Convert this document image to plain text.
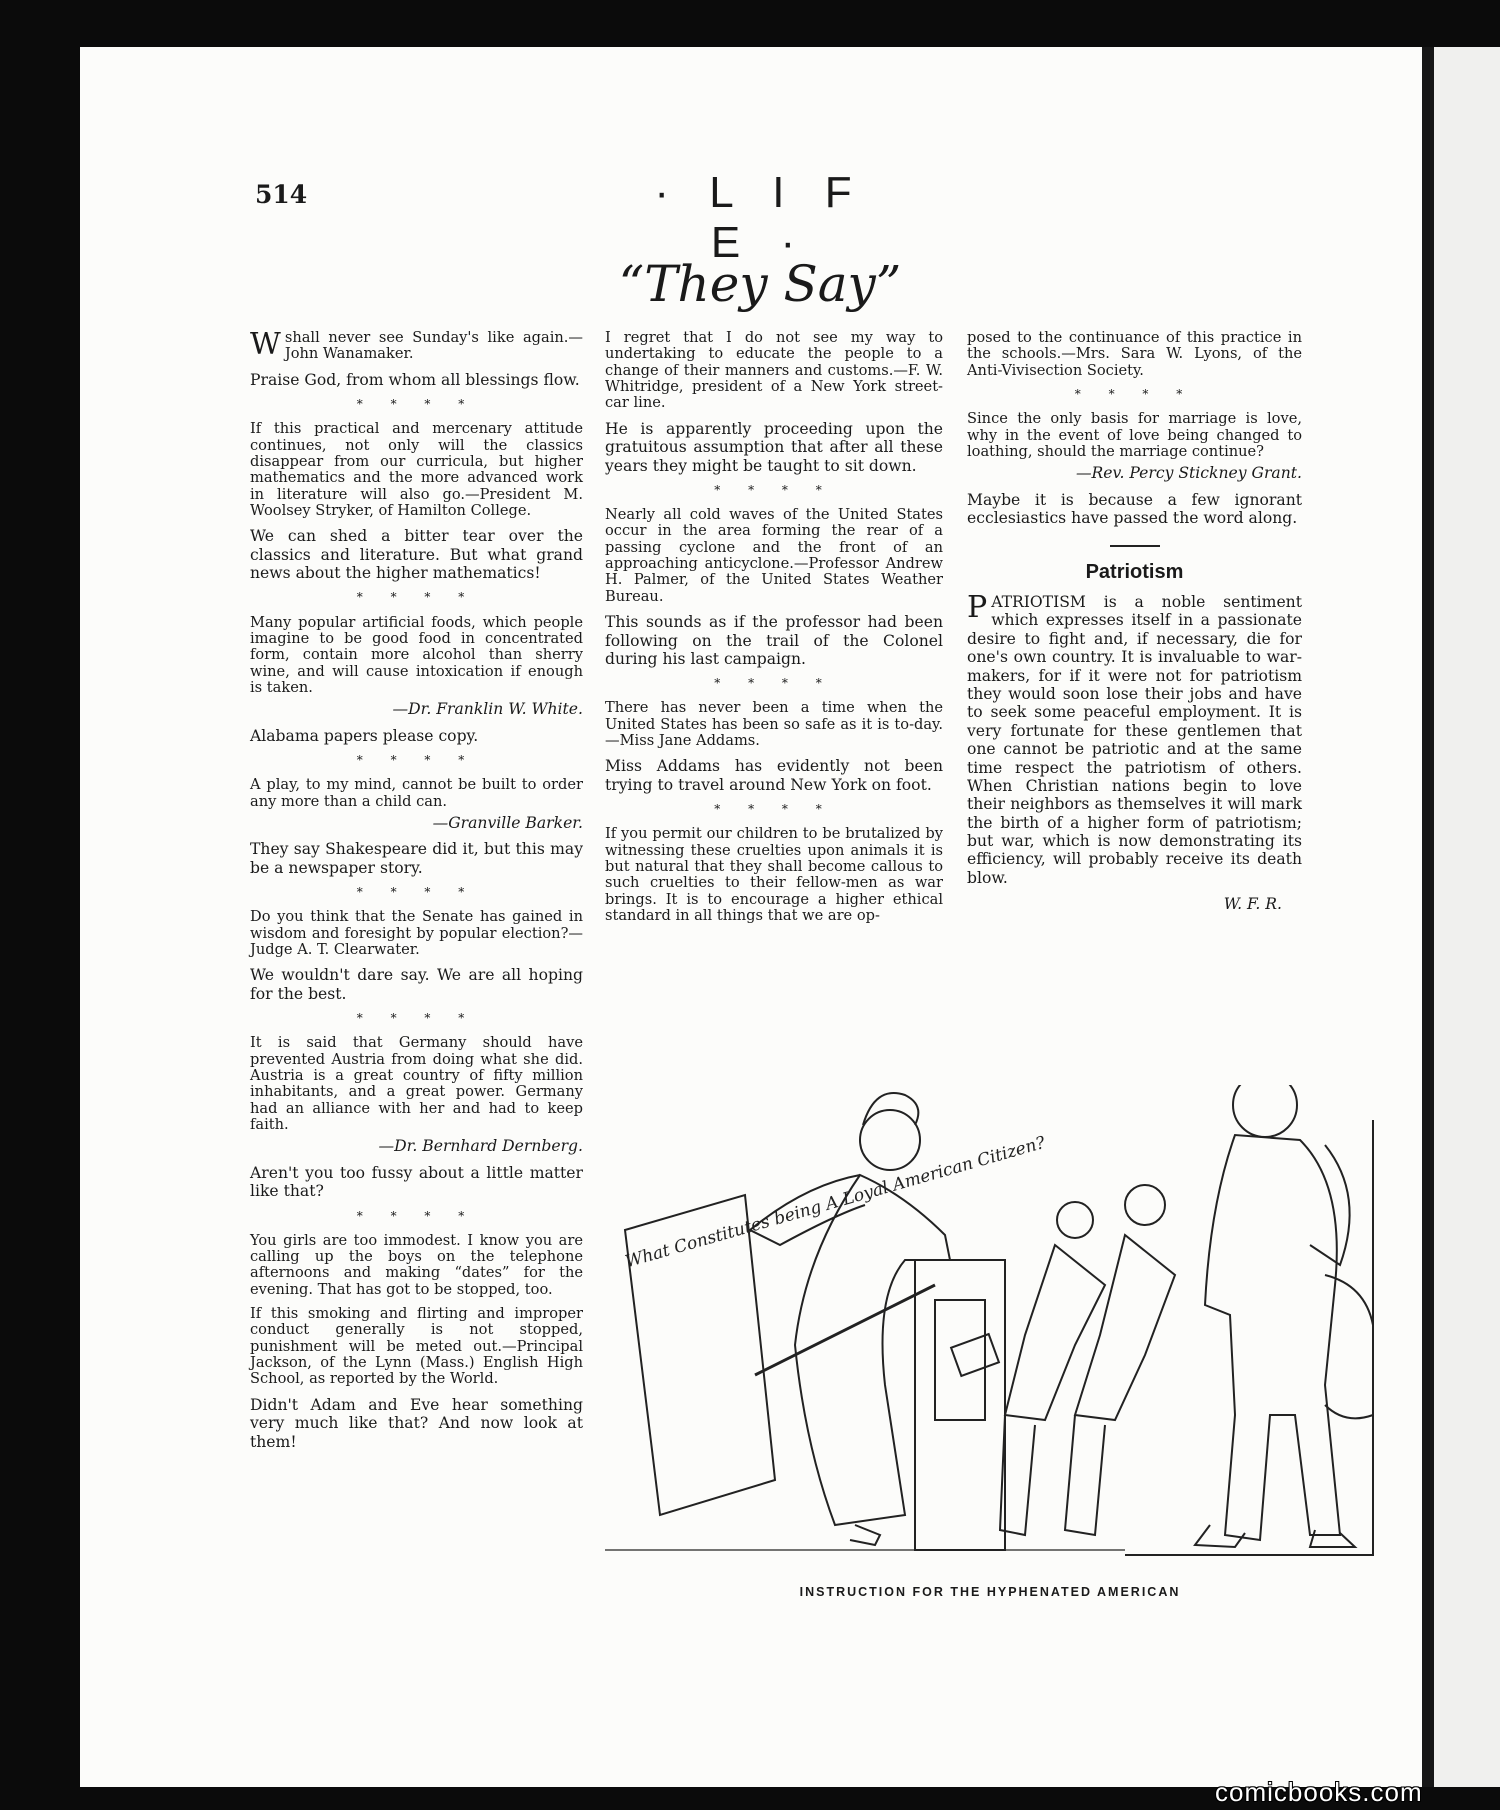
514	· L I F E ·
“They Say”

Wshall never see Sunday's like again.—John Wanamaker.

Praise God, from whom all blessings flow.

* * * *

If this practical and mercenary attitude continues, not only will the classics disappear from our curricula, but higher mathematics and the more advanced work in literature will also go.—President M. Woolsey Stryker, of Hamilton College.

We can shed a bitter tear over the classics and literature. But what grand news about the higher mathematics!

* * * *

Many popular artificial foods, which people imagine to be good food in concentrated form, contain more alcohol than sherry wine, and will cause intoxication if enough is taken.

—Dr. Franklin W. White.

Alabama papers please copy.

* * * *

A play, to my mind, cannot be built to order any more than a child can.

—Granville Barker.

They say Shakespeare did it, but this may be a newspaper story.

* * * *

Do you think that the Senate has gained in wisdom and foresight by popular election?—Judge A. T. Clearwater.

We wouldn't dare say. We are all hoping for the best.

* * * *

It is said that Germany should have prevented Austria from doing what she did. Austria is a great country of fifty million inhabitants, and a great power. Germany had an alliance with her and had to keep faith.

—Dr. Bernhard Dernberg.

Aren't you too fussy about a little matter like that?

* * * *

You girls are too immodest. I know you are calling up the boys on the telephone afternoons and making “dates” for the evening. That has got to be stopped, too.

If this smoking and flirting and improper conduct generally is not stopped, punishment will be meted out.—Principal Jackson, of the Lynn (Mass.) English High School, as reported by the World.

Didn't Adam and Eve hear something very much like that? And now look at them!

I regret that I do not see my way to undertaking to educate the people to a change of their manners and customs.—F. W. Whitridge, president of a New York street-car line.

He is apparently proceeding upon the gratuitous assumption that after all these years they might be taught to sit down.

* * * *

Nearly all cold waves of the United States occur in the area forming the rear of a passing cyclone and the front of an approaching anticyclone.—Professor Andrew H. Palmer, of the United States Weather Bureau.

This sounds as if the professor had been following on the trail of the Colonel during his last campaign.

* * * *

There has never been a time when the United States has been so safe as it is to-day.—Miss Jane Addams.

Miss Addams has evidently not been trying to travel around New York on foot.

* * * *

If you permit our children to be brutalized by witnessing these cruelties upon animals it is but natural that they shall become callous to such cruelties to their fellow-men as war brings. It is to encourage a higher ethical standard in all things that we are op-

posed to the continuance of this practice in the schools.—Mrs. Sara W. Lyons, of the Anti-Vivisection Society.

* * * *

Since the only basis for marriage is love, why in the event of love being changed to loathing, should the marriage continue?

—Rev. Percy Stickney Grant.

Maybe it is because a few ignorant ecclesiastics have passed the word along.

Patriotism

PATRIOTISM is a noble sentiment which expresses itself in a passionate desire to fight and, if necessary, die for one's own country. It is invaluable to war-makers, for if it were not for patriotism they would soon lose their jobs and have to seek some peaceful employment. It is very fortunate for these gentlemen that one cannot be patriotic and at the same time respect the patriotism of others. When Christian nations begin to love their neighbors as themselves it will mark the birth of a higher form of patriotism; but war, which is now demonstrating its efficiency, will probably receive its death blow.

W. F. R.

What Constitutes being A Loyal American Citizen?
INSTRUCTION FOR THE HYPHENATED AMERICAN
comicbooks.com
